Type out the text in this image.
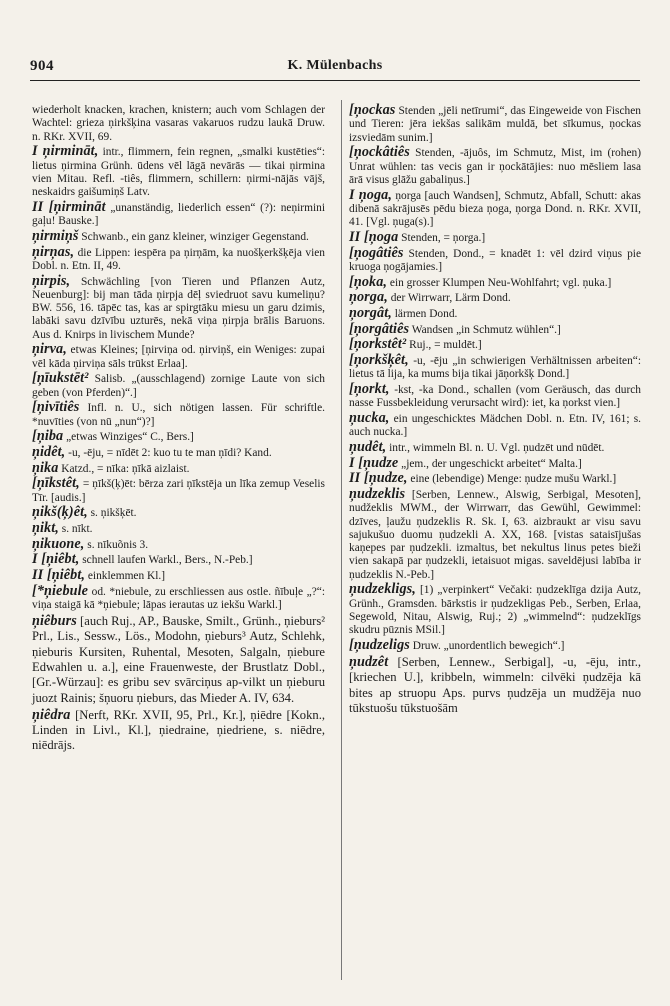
904	K. Mülenbachs

wiederholt knacken, krachen, knistern; auch vom Schlagen der Wachtel: grieza ņirkšķina vasaras vakaruos rudzu laukā Druw. n. RKr. XVII, 69.

I ņirmināt, intr., flimmern, fein regnen, „smalki kustēties“: lietus ņirmina Grünh. ūdens vēl lāgā nevārās — tikai ņirmina vien Mitau. Refl. -tiês, flimmern, schillern: ņirmi-nājās vājš, neskaidrs gaišumiņš Latv.

II [ņirmināt „unanständig, liederlich essen“ (?): neņirmini gaļu! Bauske.]

ņirmiņš Schwanb., ein ganz kleiner, winziger Gegenstand.

ņirņas, die Lippen: iespēra pa ņirņām, ka nuošķerkšķēja vien Dobl. n. Etn. II, 49.

ņirpis, Schwächling [von Tieren und Pflanzen Autz, Neuenburg]: bij man tāda ņirpja dēļ sviedruot savu kumeliņu? BW. 556, 16. tāpēc tas, kas ar spirgtāku miesu un garu dzimis, labāki savu dzīvību uzturēs, nekā viņa ņirpja brālis Baruons. Aus d. Knirps in livischem Munde?

ņirva, etwas Kleines; [ņirviņa od. ņirviņš, ein Weniges: zupai vēl kāda ņirviņa sāls trūkst Erlaa].

[ņīukstēt² Salisb. „(ausschlagend) zornige Laute von sich geben (von Pferden)“.]

[ņivītiês Infl. n. U., sich nötigen lassen. Für schriftle. *nuvīties (von nū „nun“)?]

[ņiba „etwas Winziges“ C., Bers.]

ņidêt, -u, -ēju, = nīdēt 2: kuo tu te man ņīdi? Kand.

ņika Katzd., = nīka: ņīkā aizlaist.

[ņīkstêt, = ņīkš(ķ)ēt: bērza zari ņīkstēja un līka zemup Veselis Tīr. [audis.]

ņikš(ķ)êt, s. ņikšķēt.

ņikt, s. nīkt.

ņikuone, s. nīkuõnis 3.

I [ņiêbt, schnell laufen Warkl., Bers., N.-Peb.]

II [ņiêbt, einklemmen Kl.]

[*ņiebule od. *niebule, zu erschliessen aus ostle. ñībuļe „?“: viņa staigā kā *ņiebule; lāpas ierautas uz iekšu Warkl.]

ņiêburs [auch Ruj., AP., Bauske, Smilt., Grünh., ņieburs² Prl., Lis., Sessw., Lös., Modohn, ņieburs³ Autz, Schlehk, ņieburis Kursiten, Ruhental, Mesoten, Salgaln, ņiebure Edwahlen u. a.], eine Frauenweste, der Brustlatz Dobl., [Gr.-Würzau]: es gribu sev svārciņus ap-vilkt un ņieburu juozt Rainis; šņuoru ņieburs, das Mieder A. IV, 634.

ņiêdra [Nerft, RKr. XVII, 95, Prl., Kr.], ņiēdre [Kokn., Linden in Livl., Kl.], ņiedraine, ņiedriene, s. niēdre, niēdrājs.

[ņockas Stenden „jēli netīrumi“, das Eingeweide von Fischen und Tieren: jēra iekšas salikām muldā, bet sīkumus, ņockas izsviedām sunim.]

[ņockâtiês Stenden, -ājuôs, im Schmutz, Mist, im (rohen) Unrat wühlen: tas vecis gan ir ņockātājies: nuo mēsliem lasa ārā visus glāžu gabaliņus.]

I ņoga, ņorga [auch Wandsen], Schmutz, Abfall, Schutt: akas dibenā sakrājusēs pēdu bieza ņoga, ņorga Dond. n. RKr. XVII, 41. [Vgl. ņuga(s).]

II [ņoga Stenden, = ņorga.]

[ņogâtiês Stenden, Dond., = knadēt 1: vēl dzird viņus pie kruoga ņogājamies.]

[ņoka, ein grosser Klumpen Neu-Wohlfahrt; vgl. ņuka.]

ņorga, der Wirrwarr, Lärm Dond.

ņorgât, lärmen Dond.

[ņorgâtiês Wandsen „in Schmutz wühlen“.]

[ņorkstêt² Ruj., = muldēt.]

[ņorkšķêt, -u, -ēju „in schwierigen Verhältnissen arbeiten“: lietus tā lija, ka mums bija tikai jāņorkšķ Dond.]

[ņorkt, -kst, -ka Dond., schallen (vom Geräusch, das durch nasse Fussbekleidung verursacht wird): iet, ka ņorkst vien.]

ņucka, ein ungeschicktes Mädchen Dobl. n. Etn. IV, 161; s. auch nucka.]

ņudêt, intr., wimmeln Bl. n. U. Vgl. ņudzēt und nūdēt.

I [ņudze „jem., der ungeschickt arbeitet“ Malta.]

II [ņudze, eine (lebendige) Menge: ņudze mušu Warkl.]

ņudzeklis [Serben, Lennew., Alswig, Serbigal, Mesoten], nudžeklis MWM., der Wirrwarr, das Gewühl, Gewimmel: dzīves, ļaužu ņudzeklis R. Sk. I, 63. aizbraukt ar visu savu sajukušuo duomu ņudzekli A. XX, 168. [vistas sataisījušas kaņepes par ņudzekli. izmaltus, bet nekultus linus petes bieži vien sakapā par ņudzekli, ietaisuot migas. saveldējusi labība ir ņudzeklis N.-Peb.]

ņudzekligs, [1) „verpinkert“ Večaki: ņudzeklīga dzija Autz, Grünh., Gramsden. bārkstis ir ņudzekligas Peb., Serben, Erlaa, Segewold, Nitau, Alswig, Ruj.; 2) „wimmelnd“: ņudzeklīgs skudru pūznis MSil.]

[ņudzeligs Druw. „unordentlich bewegich“.]

ņudzêt [Serben, Lennew., Serbigal], -u, -ēju, intr., [kriechen U.], kribbeln, wimmeln: cilvēki ņudzēja kā bites ap struopu Aps. purvs ņudzēja un mudžēja nuo tūkstuošu tūkstuošām
